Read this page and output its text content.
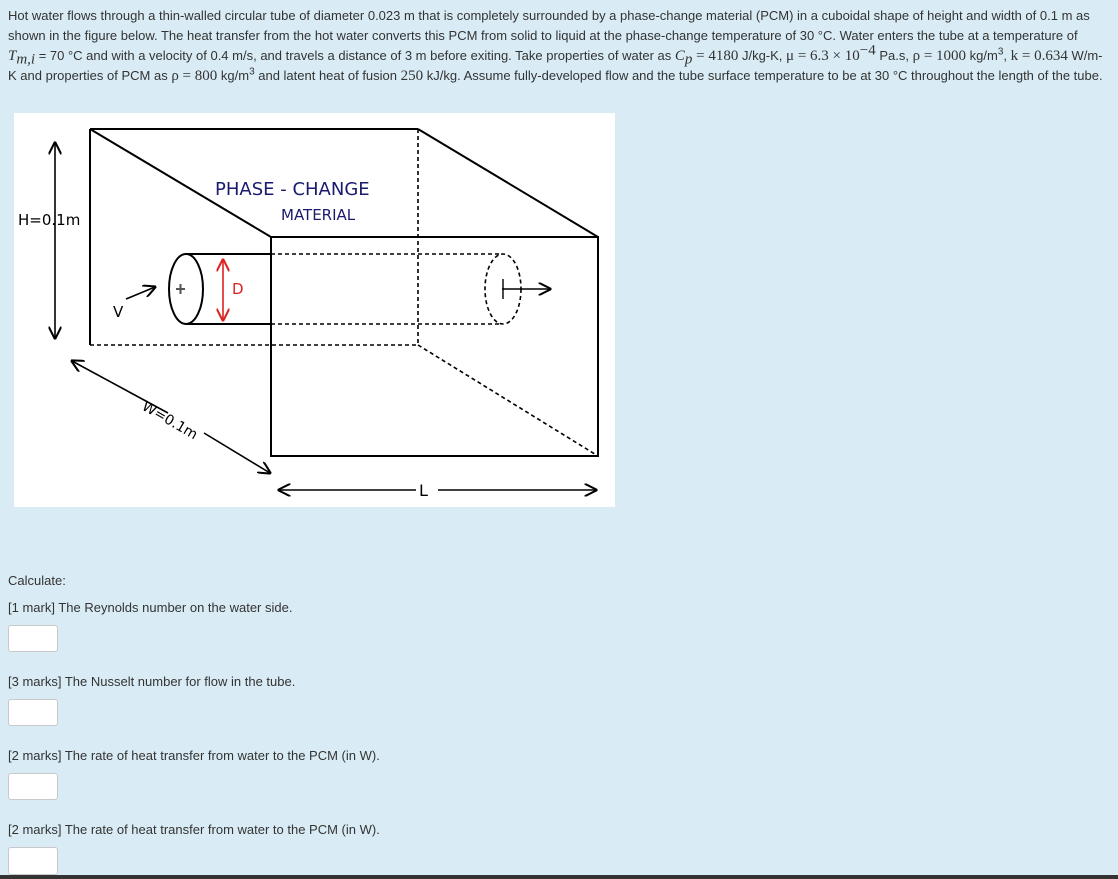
Hot water flows through a thin-walled circular tube of diameter 0.023 m that is completely surrounded by a phase-change material (PCM) in a cuboidal shape of height and width of 0.1 m as shown in the figure below. The heat transfer from the hot water converts this PCM from solid to liquid at the phase-change temperature of 30 °C. Water enters the tube at a temperature of $T_{m,i} = 70$ °C and with a velocity of 0.4 m/s, and travels a distance of 3 m before exiting. Take properties of water as $C_p = 4180$ J/kg-K, $\mu = 6.3 \times 10^{-4}$ Pa.s, ρ = 1000 $kg/m^3$, k = 0.634 W/m-K and properties of PCM as ρ = 800 $kg/m^3$ and latent heat of fusion 250 kJ/kg. Assume fully-developed flow and the tube surface temperature to be at 30 °C throughout the length of the tube.
D
PHASE - CHANGE
MATERIAL
H=0.1m
V
W=0.1m
L
Calculate:
[1 mark] The Reynolds number on the water side.
[3 marks] The Nusselt number for flow in the tube.
[2 marks] The rate of heat transfer from water to the PCM (in W).
[2 marks] The rate of heat transfer from water to the PCM (in W).
